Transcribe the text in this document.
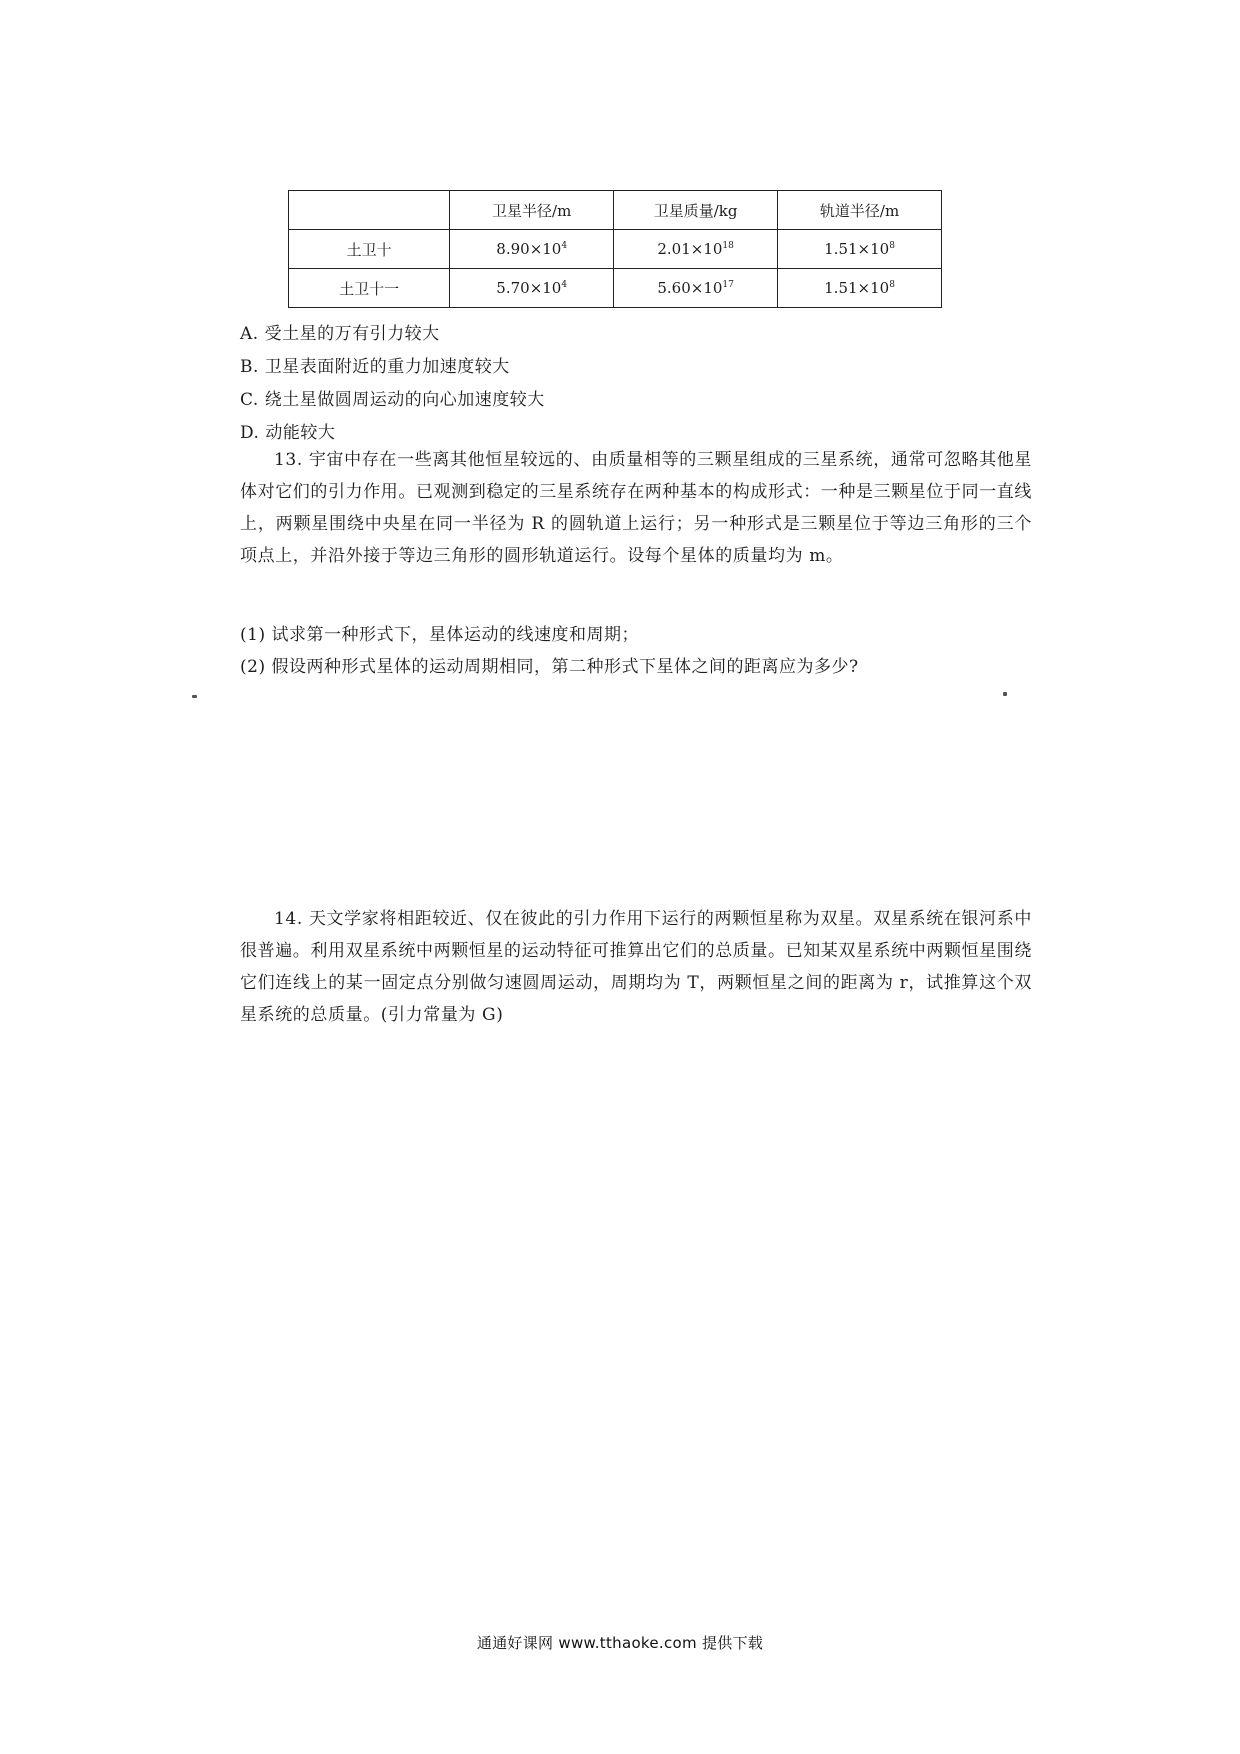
	卫星半径/m	卫星质量/kg	轨道半径/m
土卫十	$8.90\times 10^4$	$2.01\times 10^{18}$	$1.51\times 10^8$
土卫十一	$5.70\times 10^4$	$5.60\times 10^{17}$	$1.51\times 10^8$
A. 受土星的万有引力较大
B. 卫星表面附近的重力加速度较大
C. 绕土星做圆周运动的向心加速度较大
D. 动能较大
13. 宇宙中存在一些离其他恒星较远的、由质量相等的三颗星组成的三星系统，通常可忽略其他星体对它们的引力作用。已观测到稳定的三星系统存在两种基本的构成形式：一种是三颗星位于同一直线上，两颗星围绕中央星在同一半径为 R 的圆轨道上运行；另一种形式是三颗星位于等边三角形的三个项点上，并沿外接于等边三角形的圆形轨道运行。设每个星体的质量均为 m。
(1) 试求第一种形式下，星体运动的线速度和周期；
(2) 假设两种形式星体的运动周期相同，第二种形式下星体之间的距离应为多少?
14. 天文学家将相距较近、仅在彼此的引力作用下运行的两颗恒星称为双星。双星系统在银河系中很普遍。利用双星系统中两颗恒星的运动特征可推算出它们的总质量。已知某双星系统中两颗恒星围绕它们连线上的某一固定点分别做匀速圆周运动，周期均为 T，两颗恒星之间的距离为 r，试推算这个双星系统的总质量。(引力常量为 G)
通通好课网 www.tthaoke.com 提供下载
